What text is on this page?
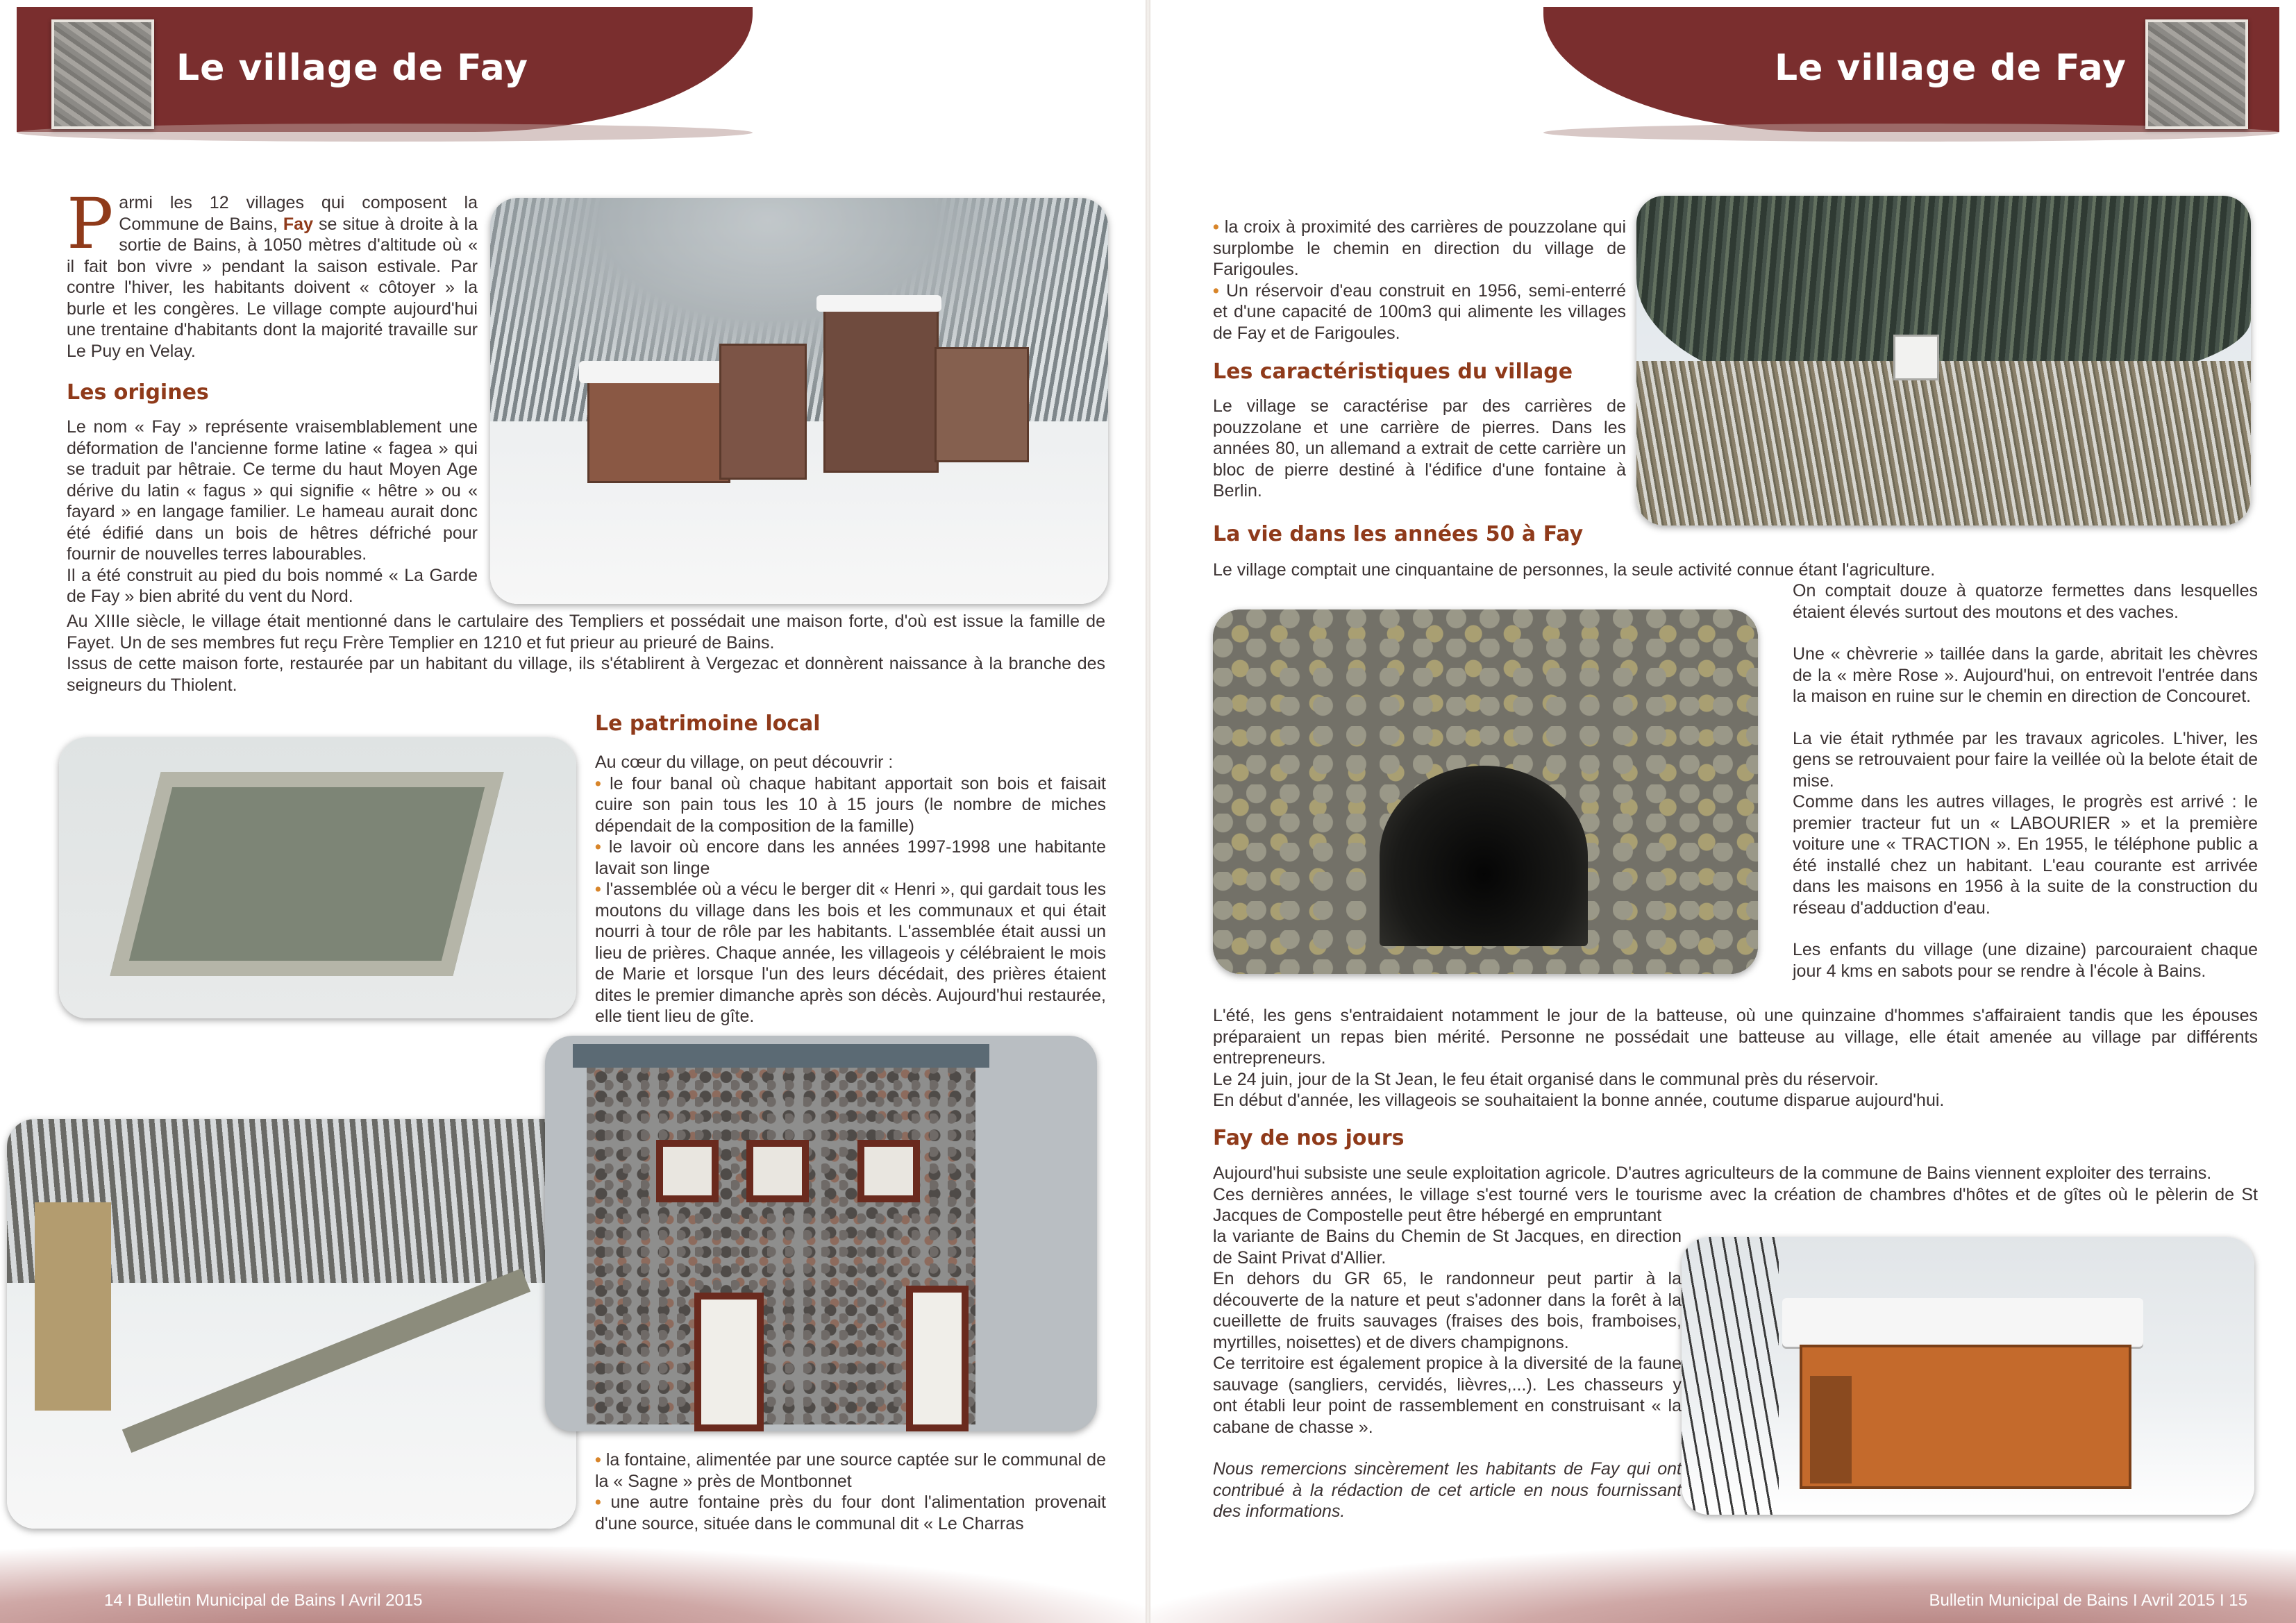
Le village de Fay
Parmi les 12 villages qui composent la Commune de Bains, Fay se situe à droite à la sortie de Bains, à 1050 mètres d'altitude où « il fait bon vivre » pendant la saison estivale. Par contre l'hiver, les habitants doivent « côtoyer » la burle et les congères. Le village compte aujourd'hui une trentaine d'habitants dont la majorité travaille sur Le Puy en Velay.
Les origines

Le nom « Fay » représente vraisemblablement une déformation de l'ancienne forme latine « fagea » qui se traduit par hêtraie. Ce terme du haut Moyen Age dérive du latin « fagus » qui signifie « hêtre » ou « fayard » en langage familier. Le hameau aurait donc été édifié dans un bois de hêtres défriché pour fournir de nouvelles terres labourables.

Il a été construit au pied du bois nommé « La Garde de Fay » bien abrité du vent du Nord.

Au XIIIe siècle, le village était mentionné dans le cartulaire des Templiers et possédait une maison forte, d'où est issue la famille de Fayet. Un de ses membres fut reçu Frère Templier en 1210 et fut prieur au prieuré de Bains.

Issus de cette maison forte, restaurée par un habitant du village, ils s'établirent à Vergezac et donnèrent naissance à la branche des seigneurs du Thiolent.

Le patrimoine local

Au cœur du village, on peut découvrir :

• le four banal où chaque habitant apportait son bois et faisait cuire son pain tous les 10 à 15 jours (le nombre de miches dépendait de la composition de la famille)

• le lavoir où encore dans les années 1997-1998 une habitante lavait son linge

• l'assemblée où a vécu le berger dit « Henri », qui gardait tous les moutons du village dans les bois et les communaux et qui était nourri à tour de rôle par les habitants. L'assemblée était aussi un lieu de prières. Chaque année, les villageois y célébraient le mois de Marie et lorsque l'un des leurs décédait, des prières étaient dites le premier dimanche après son décès. Aujourd'hui restaurée, elle tient lieu de gîte.

• la fontaine, alimentée par une source captée sur le communal de la « Sagne » près de Montbonnet

• une autre fontaine près du four dont l'alimentation provenait d'une source, située dans le communal dit « Le Charras

14 I Bulletin Municipal de Bains I Avril 2015
Le village de Fay

• la croix à proximité des carrières de pouzzolane qui surplombe le chemin en direction du village de Farigoules.

• Un réservoir d'eau construit en 1956, semi-enterré et d'une capacité de 100m3 qui alimente les villages de Fay et de Farigoules.

Les caractéristiques du village

Le village se caractérise par des carrières de pouzzolane et une carrière de pierres. Dans les années 80, un allemand a extrait de cette carrière un bloc de pierre destiné à l'édifice d'une fontaine à Berlin.

La vie dans les années 50 à Fay
Le village comptait une cinquantaine de personnes, la seule activité connue étant l'agriculture.

On comptait douze à quatorze fermettes dans lesquelles étaient élevés surtout des moutons et des vaches.

Une « chèvrerie » taillée dans la garde, abritait les chèvres de la « mère Rose ». Aujourd'hui, on entrevoit l'entrée dans la maison en ruine sur le chemin en direction de Concouret.

La vie était rythmée par les travaux agricoles. L'hiver, les gens se retrouvaient pour faire la veillée où la belote était de mise.

Comme dans les autres villages, le progrès est arrivé : le premier tracteur fut un « LABOURIER » et la première voiture une « TRACTION ». En 1955, le téléphone public a été installé chez un habitant. L'eau courante est arrivée dans les maisons en 1956 à la suite de la construction du réseau d'adduction d'eau.

Les enfants du village (une dizaine) parcouraient chaque jour 4 kms en sabots pour se rendre à l'école à Bains.

L'été, les gens s'entraidaient notamment le jour de la batteuse, où une quinzaine d'hommes s'affairaient tandis que les épouses préparaient un repas bien mérité. Personne ne possédait une batteuse au village, elle était amenée au village par différents entrepreneurs.

Le 24 juin, jour de la St Jean, le feu était organisé dans le communal près du réservoir.

En début d'année, les villageois se souhaitaient la bonne année, coutume disparue aujourd'hui.

Fay de nos jours

Aujourd'hui subsiste une seule exploitation agricole. D'autres agriculteurs de la commune de Bains viennent exploiter des terrains.

Ces dernières années, le village s'est tourné vers le tourisme avec la création de chambres d'hôtes et de gîtes où le pèlerin de St Jacques de Compostelle peut être hébergé en empruntant

la variante de Bains du Chemin de St Jacques, en direction de Saint Privat d'Allier.

En dehors du GR 65, le randonneur peut partir à la découverte de la nature et peut s'adonner dans la forêt à la cueillette de fruits sauvages (fraises des bois, framboises, myrtilles, noisettes) et de divers champignons.

Ce territoire est également propice à la diversité de la faune sauvage (sangliers, cervidés, lièvres,...). Les chasseurs y ont établi leur point de rassemblement en construisant « la cabane de chasse ».

Nous remercions sincèrement les habitants de Fay qui ont contribué à la rédaction de cet article en nous fournissant des informations.

Bulletin Municipal de Bains I Avril 2015 I 15
